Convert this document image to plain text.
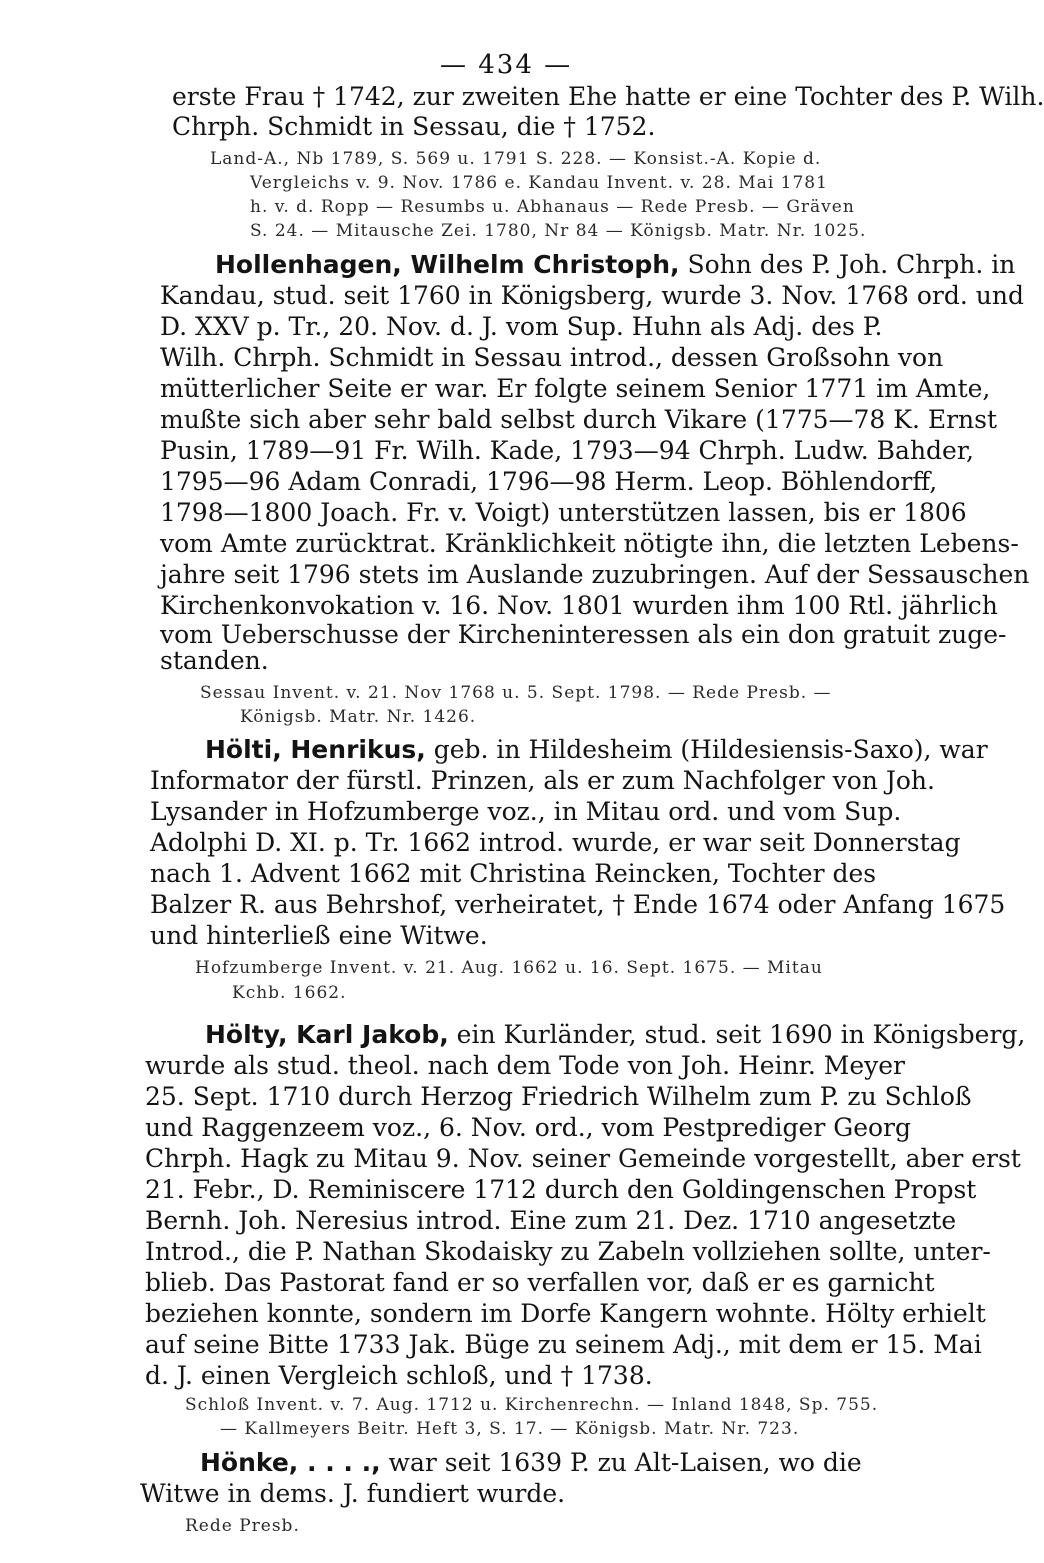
— 434 —
erste Frau † 1742, zur zweiten Ehe hatte er eine Tochter des P. Wilh.
Chrph. Schmidt in Sessau, die † 1752.
Land-A., Nb 1789, S. 569 u. 1791 S. 228. — Konsist.-A. Kopie d.
Vergleichs v. 9. Nov. 1786 e. Kandau Invent. v. 28. Mai 1781
h. v. d. Ropp — Resumbs u. Abhanaus — Rede Presb. — Gräven
S. 24. — Mitausche Zei. 1780, Nr 84 — Königsb. Matr. Nr. 1025.
Hollenhagen, Wilhelm Christoph, Sohn des P. Joh. Chrph. in
Kandau, stud. seit 1760 in Königsberg, wurde 3. Nov. 1768 ord. und
D. XXV p. Tr., 20. Nov. d. J. vom Sup. Huhn als Adj. des P.
Wilh. Chrph. Schmidt in Sessau introd., dessen Großsohn von
mütterlicher Seite er war. Er folgte seinem Senior 1771 im Amte,
mußte sich aber sehr bald selbst durch Vikare (1775—78 K. Ernst
Pusin, 1789—91 Fr. Wilh. Kade, 1793—94 Chrph. Ludw. Bahder,
1795—96 Adam Conradi, 1796—98 Herm. Leop. Böhlendorff,
1798—1800 Joach. Fr. v. Voigt) unterstützen lassen, bis er 1806
vom Amte zurücktrat. Kränklichkeit nötigte ihn, die letzten Lebens-
jahre seit 1796 stets im Auslande zuzubringen. Auf der Sessauschen
Kirchenkonvokation v. 16. Nov. 1801 wurden ihm 100 Rtl. jährlich
vom Ueberschusse der Kircheninteressen als ein don gratuit zuge-
standen.
Sessau Invent. v. 21. Nov 1768 u. 5. Sept. 1798. — Rede Presb. —
Königsb. Matr. Nr. 1426.
Hölti, Henrikus, geb. in Hildesheim (Hildesiensis-Saxo), war
Informator der fürstl. Prinzen, als er zum Nachfolger von Joh.
Lysander in Hofzumberge voz., in Mitau ord. und vom Sup.
Adolphi D. XI. p. Tr. 1662 introd. wurde, er war seit Donnerstag
nach 1. Advent 1662 mit Christina Reincken, Tochter des
Balzer R. aus Behrshof, verheiratet, † Ende 1674 oder Anfang 1675
und hinterließ eine Witwe.
Hofzumberge Invent. v. 21. Aug. 1662 u. 16. Sept. 1675. — Mitau
Kchb. 1662.
Hölty, Karl Jakob, ein Kurländer, stud. seit 1690 in Königsberg,
wurde als stud. theol. nach dem Tode von Joh. Heinr. Meyer
25. Sept. 1710 durch Herzog Friedrich Wilhelm zum P. zu Schloß
und Raggenzeem voz., 6. Nov. ord., vom Pestprediger Georg
Chrph. Hagk zu Mitau 9. Nov. seiner Gemeinde vorgestellt, aber erst
21. Febr., D. Reminiscere 1712 durch den Goldingenschen Propst
Bernh. Joh. Neresius introd. Eine zum 21. Dez. 1710 angesetzte
Introd., die P. Nathan Skodaisky zu Zabeln vollziehen sollte, unter-
blieb. Das Pastorat fand er so verfallen vor, daß er es garnicht
beziehen konnte, sondern im Dorfe Kangern wohnte. Hölty erhielt
auf seine Bitte 1733 Jak. Büge zu seinem Adj., mit dem er 15. Mai
d. J. einen Vergleich schloß, und † 1738.
Schloß Invent. v. 7. Aug. 1712 u. Kirchenrechn. — Inland 1848, Sp. 755.
— Kallmeyers Beitr. Heft 3, S. 17. — Königsb. Matr. Nr. 723.
Hönke, . . . ., war seit 1639 P. zu Alt-Laisen, wo die
Witwe in dems. J. fundiert wurde.
Rede Presb.
